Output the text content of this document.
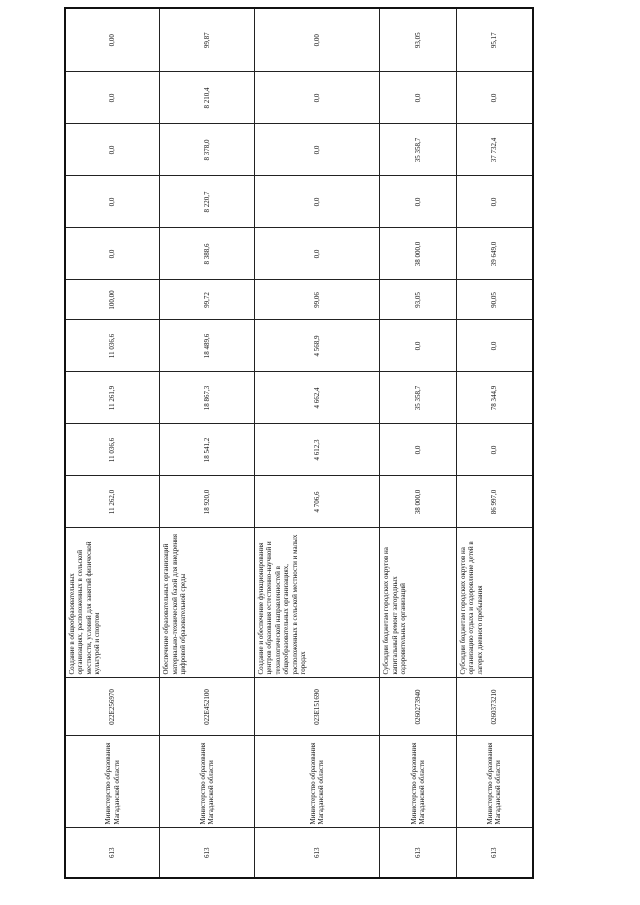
613	Министерство образования Магаданской области	022E256970	Создание в общеобразовательных организациях, расположенных в сельской местности, условий для занятий физической культурой и спортом	11 262,0	11 036,6	11 261,9	11 036,6	100,00	0,0	0,0	0,0	0,0	0,00
613	Министерство образования Магаданской области	022E452100	Обеспечение образовательных организаций материально-технической базой для внедрения цифровой образовательной среды	18 920,0	18 541,2	18 867,3	18 489,6	99,72	8 388,6	8 220,7	8 378,0	8 210,4	99,87
613	Министерство образования Магаданской области	023E151690	Создание и обеспечение функционирования центров образования естественно-научной и технологической направленностей в общеобразовательных организациях, расположенных в сельской местности и малых городах	4 706,6	4 612,3	4 662,4	4 568,9	99,06	0,0	0,0	0,0	0,0	0,00
613	Министерство образования Магаданской области	0260273940	Субсидии бюджетам городских округов на капитальный ремонт загородных оздоровительных организаций	38 000,0	0,0	35 358,7	0,0	93,05	38 000,0	0,0	35 358,7	0,0	93,05
613	Министерство образования Магаданской области	0260373210	Субсидии бюджетам городских округов на организацию отдыха и оздоровление детей в лагерях дневного пребывания	86 997,0	0,0	78 344,9	0,0	90,05	39 649,0	0,0	37 732,4	0,0	95,17
